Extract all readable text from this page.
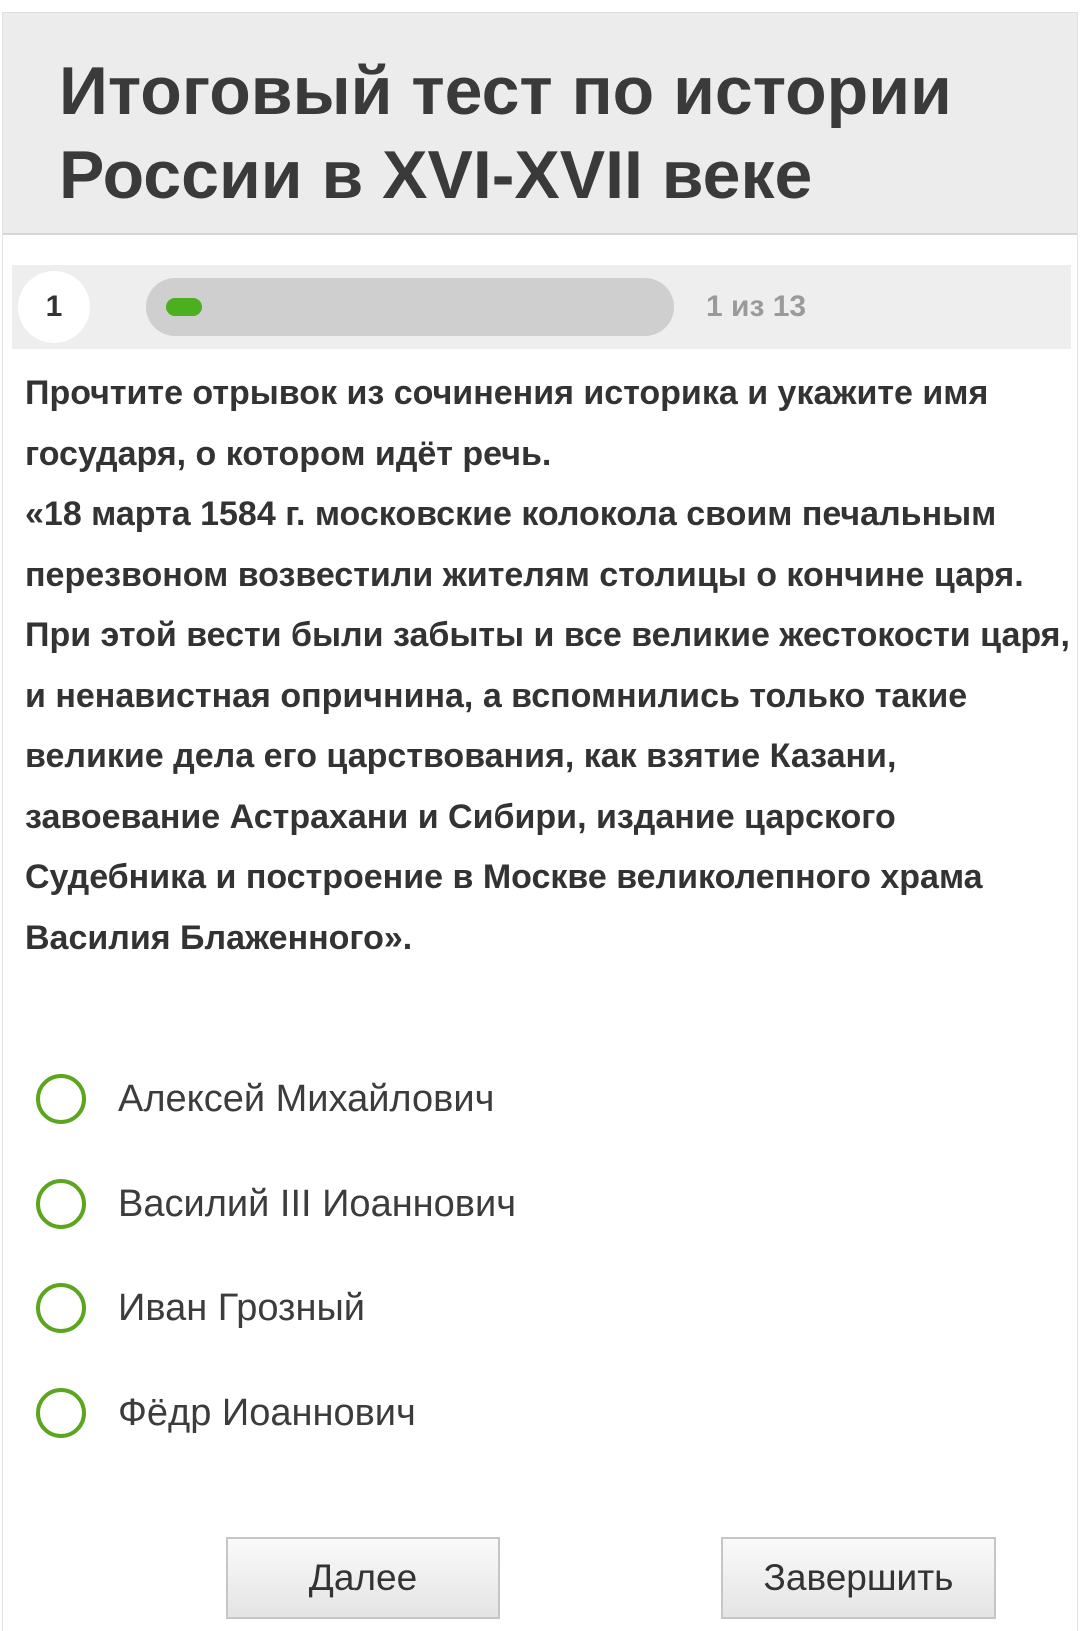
Итоговый тест по истории России в XVI-XVII веке
1	1 из 13

Прочтите отрывок из сочинения историка и укажите имя государя, о котором идёт речь.

«18 марта 1584 г. московские колокола своим печальным перезвоном возвестили жителям столицы о кончине царя. При этой вести были забыты и все великие жестокости царя, и ненавистная опричнина, а вспомнились только такие великие дела его царствования, как взятие Казани, завоевание Астрахани и Сибири, издание царского Судебника и построение в Москве великолепного храма Василия Блаженного».

Алексей Михайлович
Василий III Иоаннович
Иван Грозный
Фёдр Иоаннович
Далее	Завершить
